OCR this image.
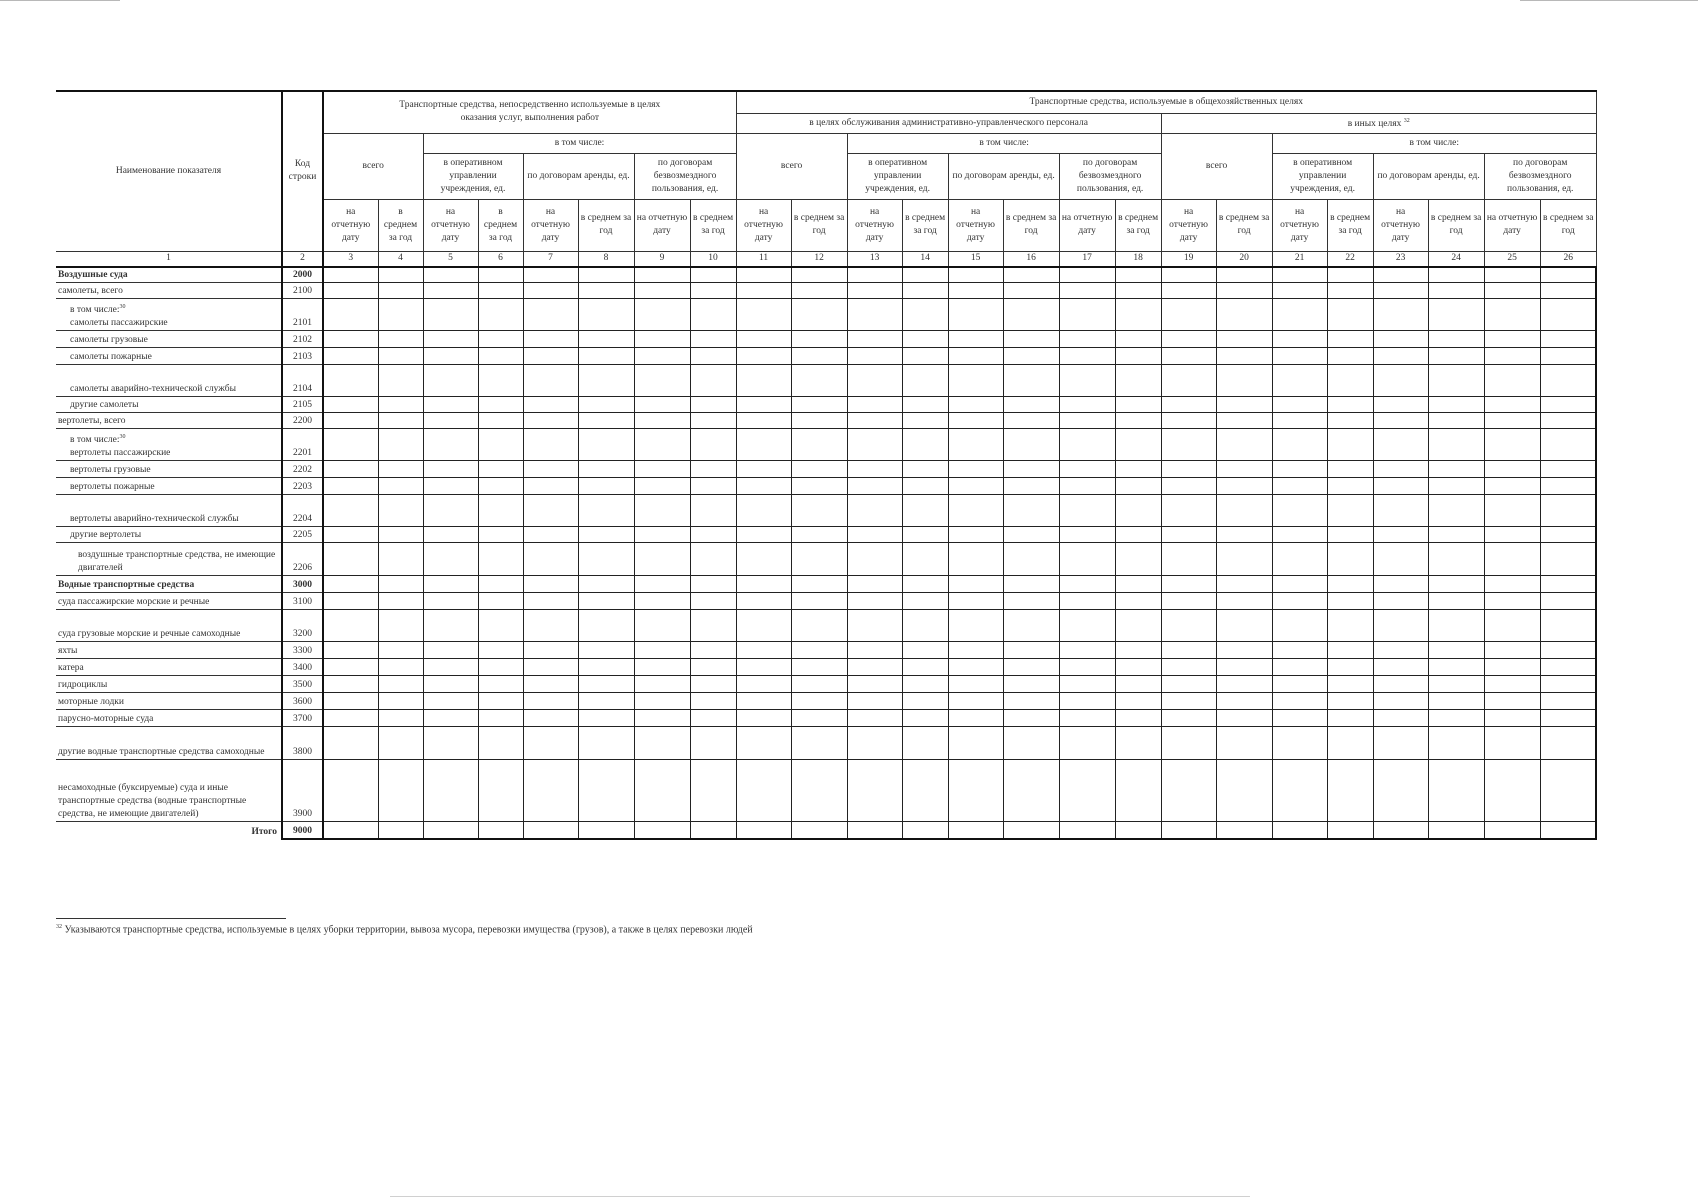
Наименование показателя	Код строки	Транспортные средства, непосредственно используемые в целях оказания услуг, выполнения работ								Транспортные средства, используемые в общехозяйственных целях															
										в целях обслуживания административно-управленческого персонала								в иных целях $^{32}$
		всего		в том числе:						всего		в том числе:						всего		в том числе:					
				в оперативном управлении учреждения, ед.		по договорам аренды, ед.		по договорам безвозмездного пользования, ед.				в оперативном управлении учреждения, ед.		по договорам аренды, ед.		по договорам безвозмездного пользования, ед.				в оперативном управлении учреждения, ед.		по договорам аренды, ед.		по договорам безвозмездного пользования, ед.	
		на отчетную дату	в среднем за год	на отчетную дату	в среднем за год	на отчетную дату	в среднем за год	на отчетную дату	в среднем за год	на отчетную дату	в среднем за год	на отчетную дату	в среднем за год	на отчетную дату	в среднем за год	на отчетную дату	в среднем за год	на отчетную дату	в среднем за год	на отчетную дату	в среднем за год	на отчетную дату	в среднем за год	на отчетную дату	в среднем за год
1	2	3	4	5	6	7	8	9	10	11	12	13	14	15	16	17	18	19	20	21	22	23	24	25	26
Воздушные суда	2000																								
самолеты, всего	2100																								

в том числе:$^{30}$
самолеты пассажирские	2101																								
самолеты грузовые	2102																								
самолеты пожарные	2103																								
самолеты аварийно-технической службы	2104																								
другие самолеты	2105																								
вертолеты, всего	2200																								

в том числе:$^{30}$
вертолеты пассажирские	2201																								
вертолеты грузовые	2202																								
вертолеты пожарные	2203																								
вертолеты аварийно-технической службы	2204																								
другие вертолеты	2205																								
воздушные транспортные средства, не имеющие двигателей	2206																								
Водные транспортные средства	3000																								
суда пассажирские морские и речные	3100																								
суда грузовые морские и речные самоходные	3200																								
яхты	3300																								
катера	3400																								
гидроциклы	3500																								
моторные лодки	3600																								
парусно-моторные суда	3700																								
другие водные транспортные средства самоходные	3800																								
несамоходные (буксируемые) суда и иные транспортные средства (водные транспортные средства, не имеющие двигателей)	3900																								
Итого	9000																								
$^{32}$ Указываются транспортные средства, используемые в целях уборки территории, вывоза мусора, перевозки имущества (грузов), а также в целях перевозки людей
